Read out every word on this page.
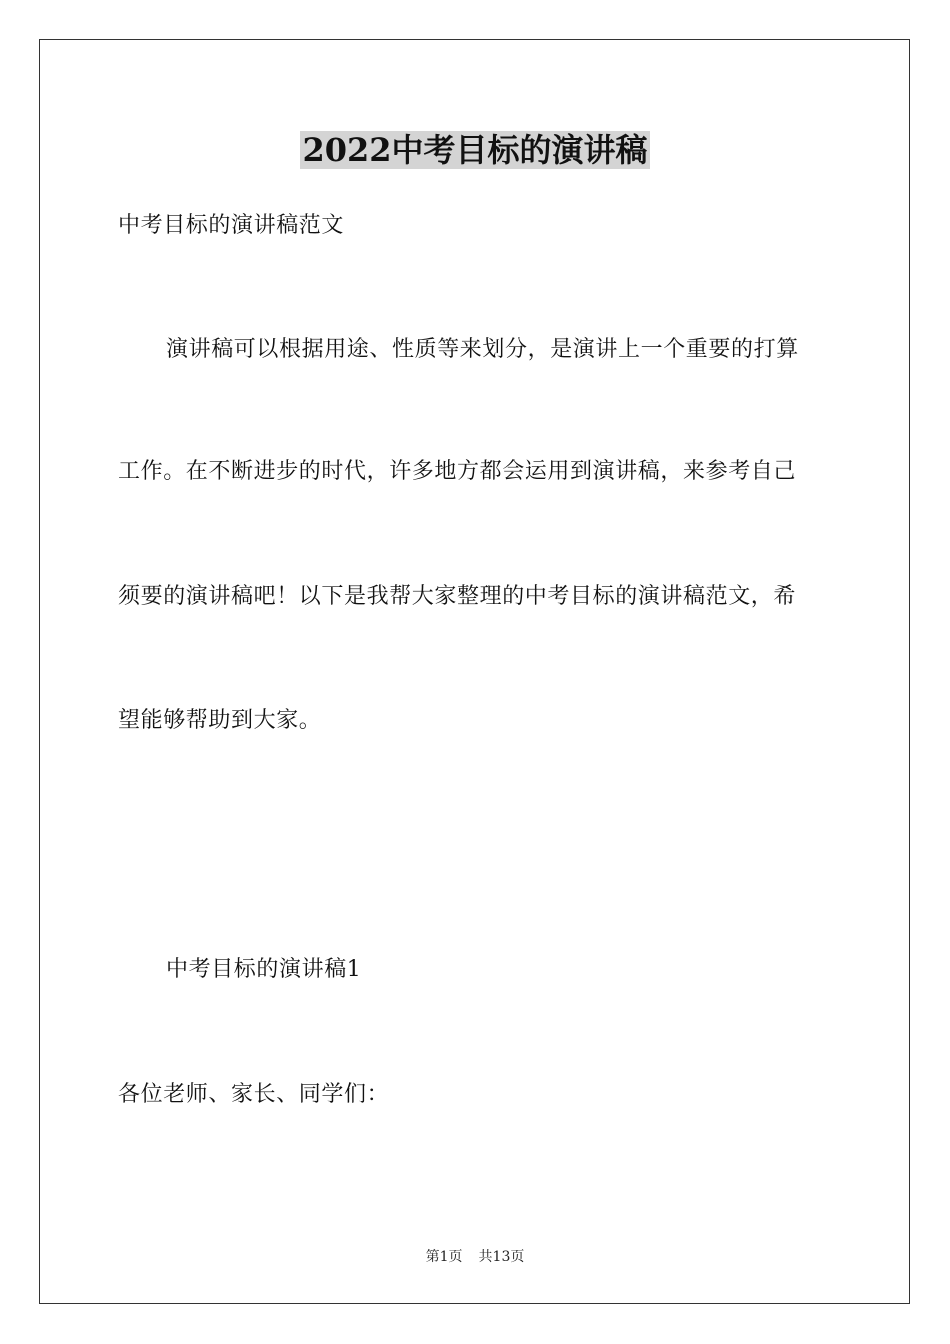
2022中考目标的演讲稿

中考目标的演讲稿范文

演讲稿可以根据用途、性质等来划分，是演讲上一个重要的打算

工作。在不断进步的时代，许多地方都会运用到演讲稿，来参考自己

须要的演讲稿吧！以下是我帮大家整理的中考目标的演讲稿范文，希

望能够帮助到大家。

中考目标的演讲稿1

各位老师、家长、同学们：

第1页 共13页
